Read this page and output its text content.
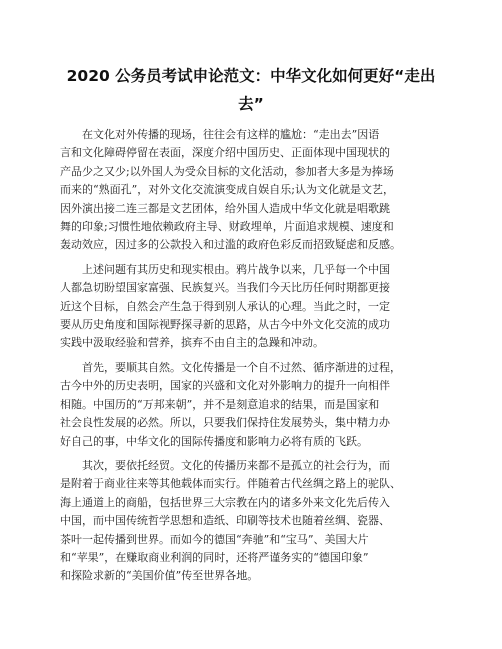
2020 公务员考试申论范文：中华文化如何更好“走出
去”
在文化对外传播的现场，往往会有这样的尴尬：“走出去”因语
言和文化障碍停留在表面，深度介绍中国历史、正面体现中国现状的
产品少之又少;以外国人为受众目标的文化活动，参加者大多是为捧场
而来的“熟面孔”，对外文化交流演变成自娱自乐;认为文化就是文艺，
因外演出接二连三都是文艺团体，给外国人造成中华文化就是唱歌跳
舞的印象;习惯性地依赖政府主导、财政埋单，片面追求规模、速度和
轰动效应，因过多的公款投入和过滥的政府色彩反而招致疑虑和反感。
上述问题有其历史和现实根由。鸦片战争以来，几乎每一个中国
人都急切盼望国家富强、民族复兴。当我们今天比历任何时期都更接
近这个目标，自然会产生急于得到别人承认的心理。当此之时，一定
要从历史角度和国际视野探寻新的思路，从古今中外文化交流的成功
实践中汲取经验和营养，摈弃不由自主的急躁和冲动。
首先，要顺其自然。文化传播是一个自不过然、循序渐进的过程，
古今中外的历史表明，国家的兴盛和文化对外影响力的提升一向相伴
相随。中国历的“万邦来朝”，并不是刻意追求的结果，而是国家和
社会良性发展的必然。所以，只要我们保持住发展势头，集中精力办
好自己的事，中华文化的国际传播度和影响力必将有质的飞跃。
其次，要依托经贸。文化的传播历来都不是孤立的社会行为，而
是附着于商业往来等其他载体而实行。伴随着古代丝绸之路上的驼队、
海上通道上的商船，包括世界三大宗教在内的诸多外来文化先后传入
中国，而中国传统哲学思想和造纸、印刷等技术也随着丝绸、瓷器、
茶叶一起传播到世界。而如今的德国“奔驰”和“宝马”、美国大片
和“苹果”，在赚取商业利润的同时，还将严谨务实的“德国印象”
和探险求新的“美国价值”传至世界各地。
